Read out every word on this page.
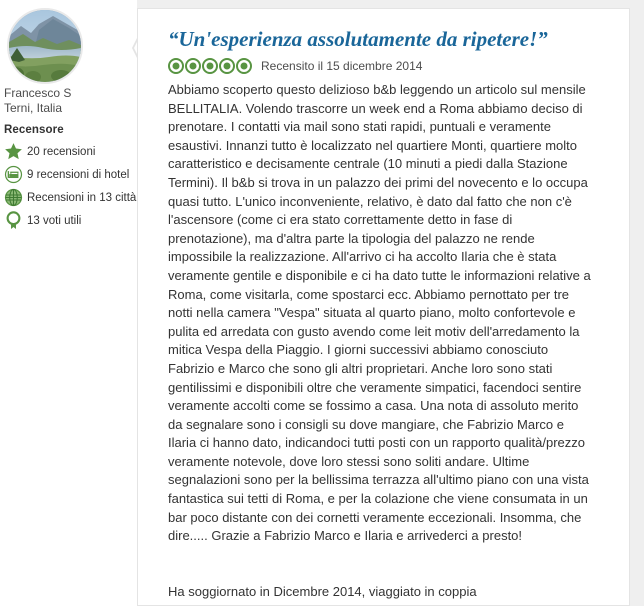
Francesco S
Terni, Italia
Recensore
20 recensioni
9 recensioni di hotel
Recensioni in 13 città
13 voti utili
“Un'esperienza assolutamente da ripetere!”
Recensito il 15 dicembre 2014

Abbiamo scoperto questo delizioso b&b leggendo un articolo sul mensile BELLITALIA. Volendo trascorre un week end a Roma abbiamo deciso di prenotare. I contatti via mail sono stati rapidi, puntuali e veramente esaustivi. Innanzi tutto è localizzato nel quartiere Monti, quartiere molto caratteristico e decisamente centrale (10 minuti a piedi dalla Stazione Termini). Il b&b si trova in un palazzo dei primi del novecento e lo occupa quasi tutto. L'unico inconveniente, relativo, è dato dal fatto che non c'è l'ascensore (come ci era stato correttamente detto in fase di prenotazione), ma d'altra parte la tipologia del palazzo ne rende impossibile la realizzazione. All'arrivo ci ha accolto Ilaria che è stata veramente gentile e disponibile e ci ha dato tutte le informazioni relative a Roma, come visitarla, come spostarci ecc. Abbiamo pernottato per tre notti nella camera "Vespa" situata al quarto piano, molto confortevole e pulita ed arredata con gusto avendo come leit motiv dell'arredamento la mitica Vespa della Piaggio. I giorni successivi abbiamo conosciuto Fabrizio e Marco che sono gli altri proprietari. Anche loro sono stati gentilissimi e disponibili oltre che veramente simpatici, facendoci sentire veramente accolti come se fossimo a casa. Una nota di assoluto merito da segnalare sono i consigli su dove mangiare, che Fabrizio Marco e Ilaria ci hanno dato, indicandoci tutti posti con un rapporto qualità/prezzo veramente notevole, dove loro stessi sono soliti andare. Ultime segnalazioni sono per la bellissima terrazza all'ultimo piano con una vista fantastica sui tetti di Roma, e per la colazione che viene consumata in un bar poco distante con dei cornetti veramente eccezionali. Insomma, che dire..... Grazie a Fabrizio Marco e Ilaria e arrivederci a presto!

Ha soggiornato in Dicembre 2014, viaggiato in coppia
